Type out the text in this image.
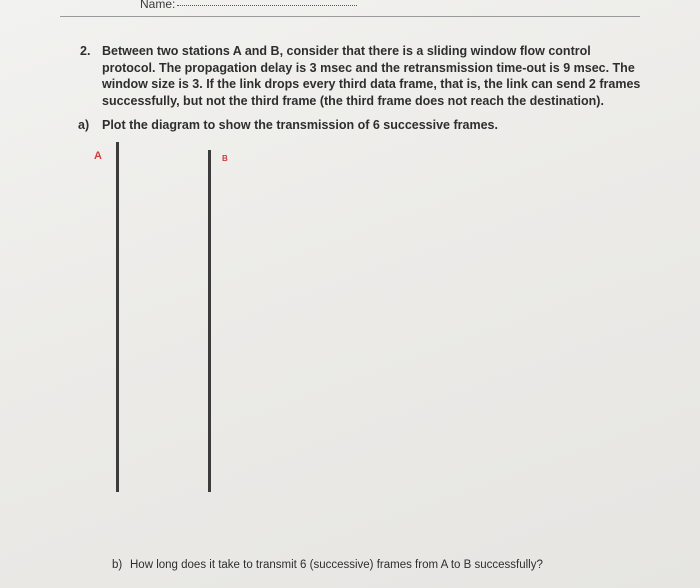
Name:
2. Between two stations A and B, consider that there is a sliding window flow control protocol. The propagation delay is 3 msec and the retransmission time-out is 9 msec. The window size is 3. If the link drops every third data frame, that is, the link can send 2 frames successfully, but not the third frame (the third frame does not reach the destination).
a) Plot the diagram to show the transmission of 6 successive frames.
A	B
b) How long does it take to transmit 6 (successive) frames from A to B successfully?
